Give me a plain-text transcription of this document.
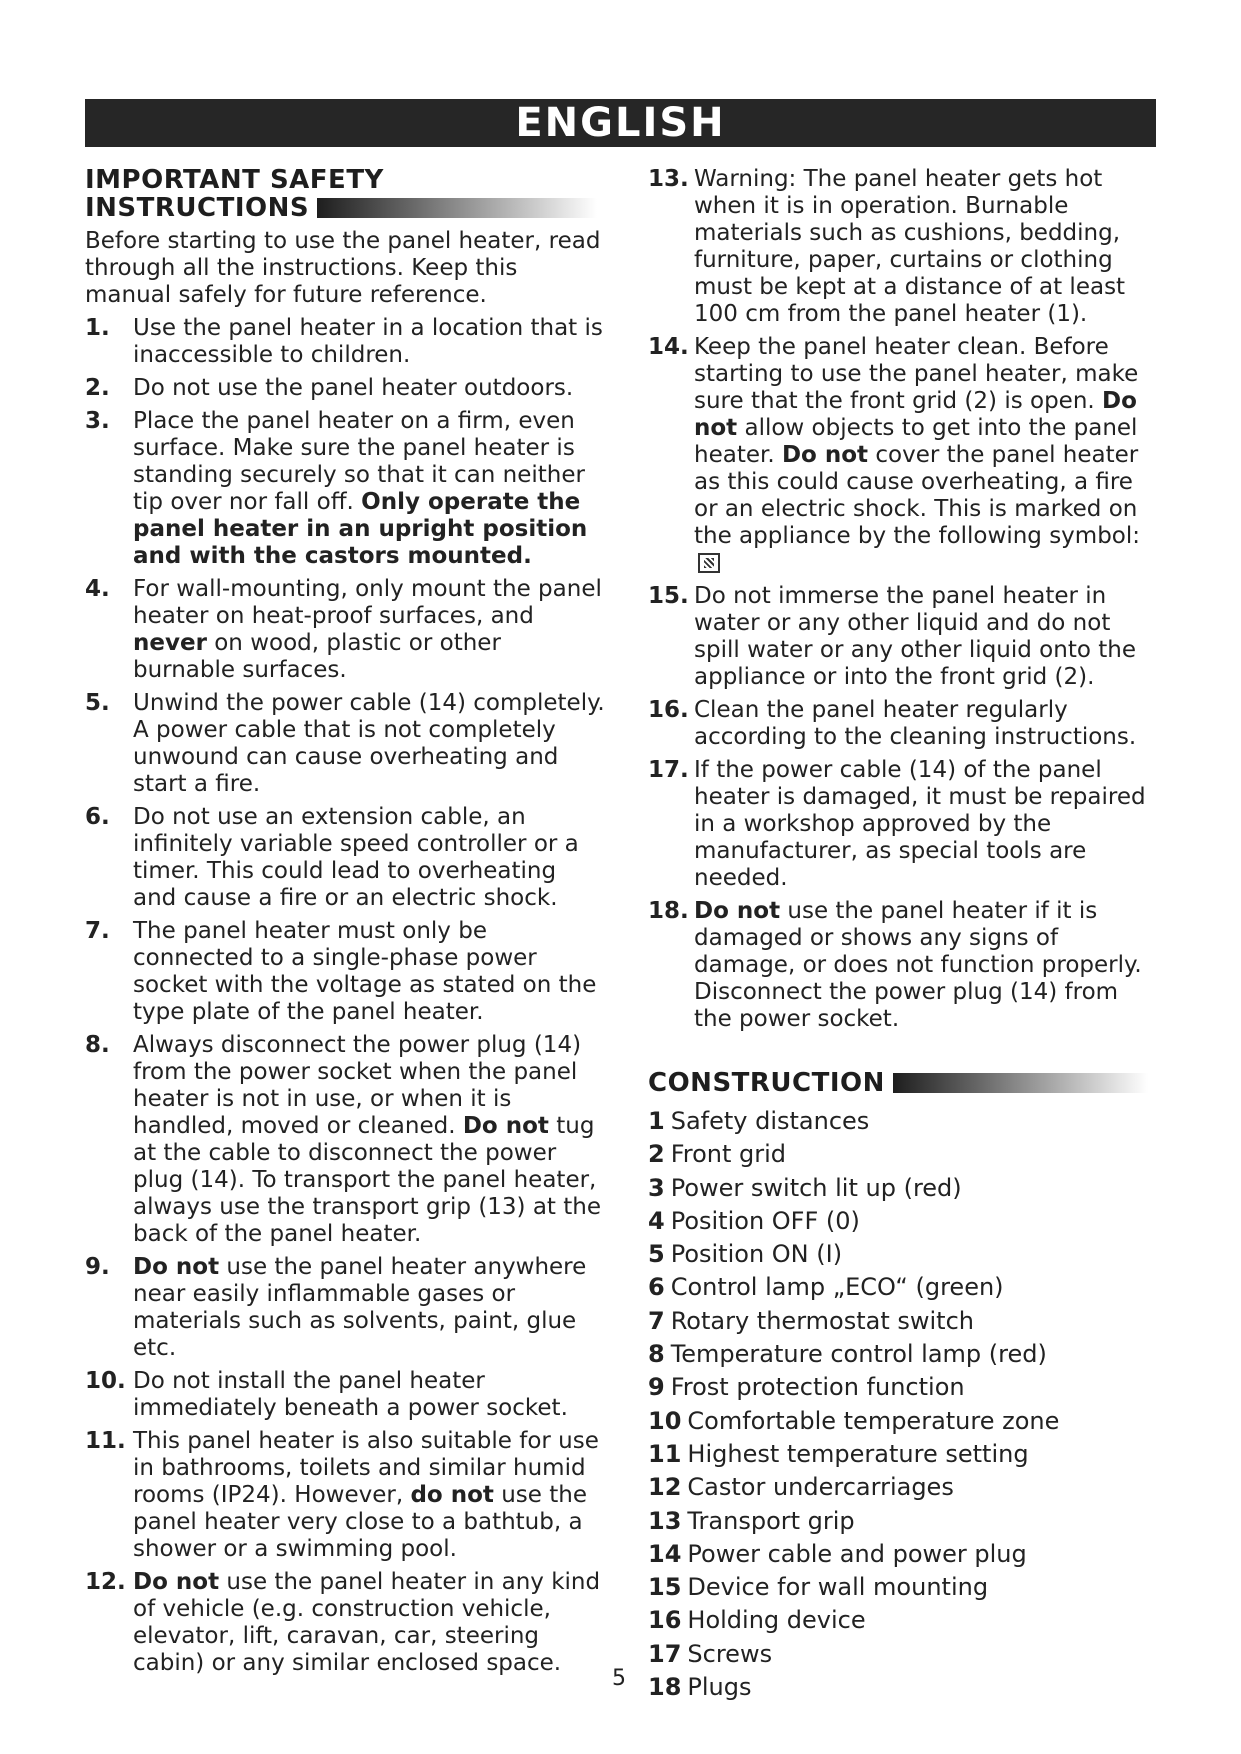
ENGLISH
IMPORTANT SAFETY
INSTRUCTIONS

Before starting to use the panel heater, read through all the instructions. Keep this manual safely for future reference.

1. Use the panel heater in a location that is inaccessible to children.
2. Do not use the panel heater outdoors.
3. Place the panel heater on a firm, even surface. Make sure the panel heater is standing securely so that it can neither tip over nor fall off. Only operate the panel heater in an upright position and with the castors mounted.
4. For wall-mounting, only mount the panel heater on heat-proof surfaces, and never on wood, plastic or other burnable surfaces.
5. Unwind the power cable (14) completely. A power cable that is not completely unwound can cause overheating and start a fire.
6. Do not use an extension cable, an infinitely variable speed controller or a timer. This could lead to overheating and cause a fire or an electric shock.
7. The panel heater must only be connected to a single-phase power socket with the voltage as stated on the type plate of the panel heater.
8. Always disconnect the power plug (14) from the power socket when the panel heater is not in use, or when it is handled, moved or cleaned. Do not tug at the cable to disconnect the power plug (14). To transport the panel heater, always use the transport grip (13) at the back of the panel heater.
9. Do not use the panel heater anywhere near easily inflammable gases or materials such as solvents, paint, glue etc.
10. Do not install the panel heater immediately beneath a power socket.
11. This panel heater is also suitable for use in bathrooms, toilets and similar humid rooms (IP24). However, do not use the panel heater very close to a bathtub, a shower or a swimming pool.
12. Do not use the panel heater in any kind of vehicle (e.g. construction vehicle, elevator, lift, caravan, car, steering cabin) or any similar enclosed space.
13. Warning: The panel heater gets hot when it is in operation. Burnable materials such as cushions, bedding, furniture, paper, curtains or clothing must be kept at a distance of at least 100 cm from the panel heater (1).
14. Keep the panel heater clean. Before starting to use the panel heater, make sure that the front grid (2) is open. Do not allow objects to get into the panel heater. Do not cover the panel heater as this could cause overheating, a fire or an electric shock. This is marked on the appliance by the following symbol:
15. Do not immerse the panel heater in water or any other liquid and do not spill water or any other liquid onto the appliance or into the front grid (2).
16. Clean the panel heater regularly according to the cleaning instructions.
17. If the power cable (14) of the panel heater is damaged, it must be repaired in a workshop approved by the manufacturer, as special tools are needed.
18. Do not use the panel heater if it is damaged or shows any signs of damage, or does not function properly. Disconnect the power plug (14) from the power socket.
CONSTRUCTION
1 Safety distances
2 Front grid
3 Power switch lit up (red)
4 Position OFF (0)
5 Position ON (I)
6 Control lamp „ECO“ (green)
7 Rotary thermostat switch
8 Temperature control lamp (red)
9 Frost protection function
10 Comfortable temperature zone
11 Highest temperature setting
12 Castor undercarriages
13 Transport grip
14 Power cable and power plug
15 Device for wall mounting
16 Holding device
17 Screws
18 Plugs
5
